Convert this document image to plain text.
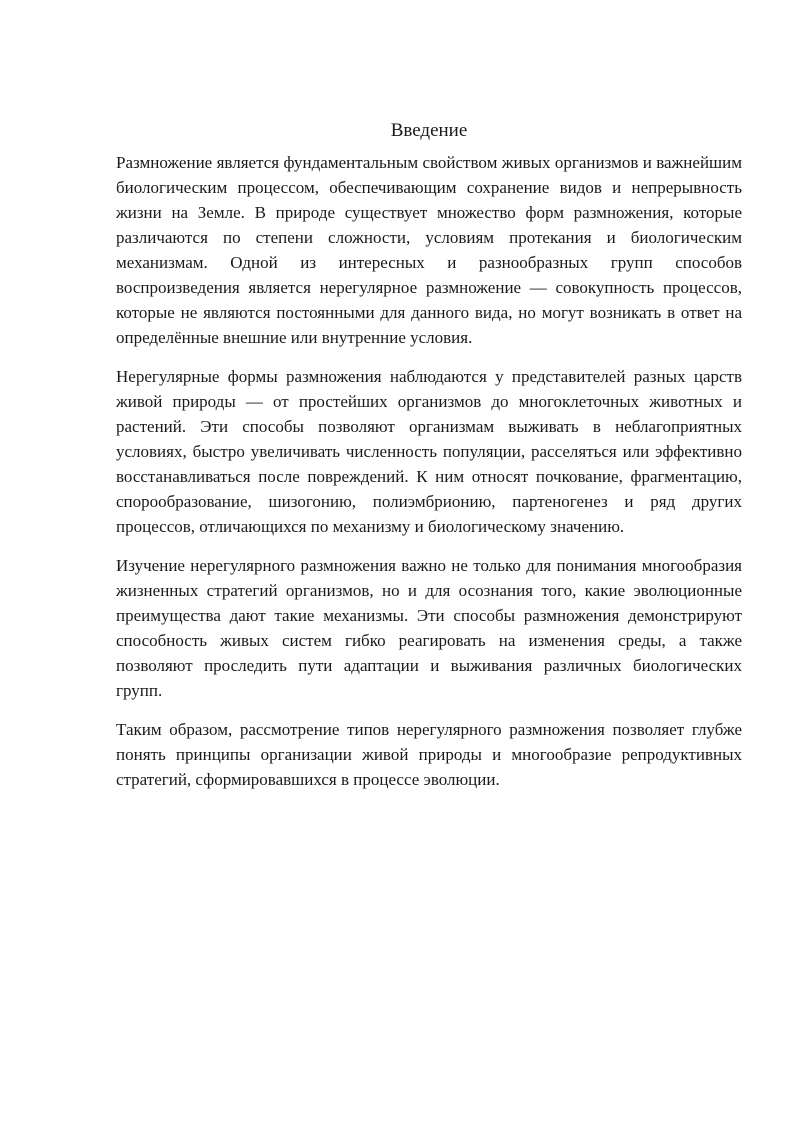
Введение

Размножение является фундаментальным свойством живых организмов и важнейшим биологическим процессом, обеспечивающим сохранение видов и непрерывность жизни на Земле. В природе существует множество форм размножения, которые различаются по степени сложности, условиям протекания и биологическим механизмам. Одной из интересных и разнообразных групп способов воспроизведения является нерегулярное размножение — совокупность процессов, которые не являются постоянными для данного вида, но могут возникать в ответ на определённые внешние или внутренние условия.

Нерегулярные формы размножения наблюдаются у представителей разных царств живой природы — от простейших организмов до многоклеточных животных и растений. Эти способы позволяют организмам выживать в неблагоприятных условиях, быстро увеличивать численность популяции, расселяться или эффективно восстанавливаться после повреждений. К ним относят почкование, фрагментацию, спорообразование, шизогонию, полиэмбрионию, партеногенез и ряд других процессов, отличающихся по механизму и биологическому значению.

Изучение нерегулярного размножения важно не только для понимания многообразия жизненных стратегий организмов, но и для осознания того, какие эволюционные преимущества дают такие механизмы. Эти способы размножения демонстрируют способность живых систем гибко реагировать на изменения среды, а также позволяют проследить пути адаптации и выживания различных биологических групп.

Таким образом, рассмотрение типов нерегулярного размножения позволяет глубже понять принципы организации живой природы и многообразие репродуктивных стратегий, сформировавшихся в процессе эволюции.
